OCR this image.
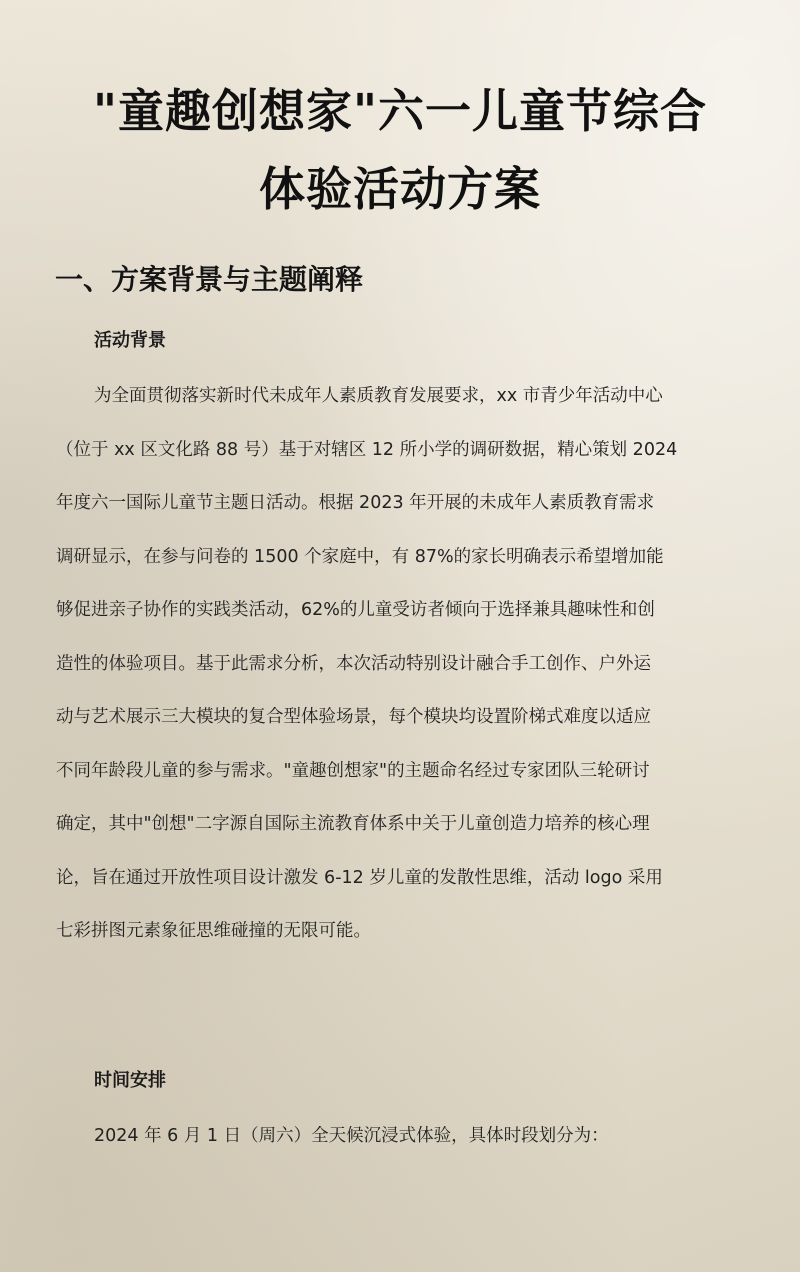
"童趣创想家"六一儿童节综合
体验活动方案
一、方案背景与主题阐释
活动背景
为全面贯彻落实新时代未成年人素质教育发展要求，xx 市青少年活动中心
（位于 xx 区文化路 88 号）基于对辖区 12 所小学的调研数据，精心策划 2024
年度六一国际儿童节主题日活动。根据 2023 年开展的未成年人素质教育需求
调研显示，在参与问卷的 1500 个家庭中，有 87%的家长明确表示希望增加能
够促进亲子协作的实践类活动，62%的儿童受访者倾向于选择兼具趣味性和创
造性的体验项目。基于此需求分析，本次活动特别设计融合手工创作、户外运
动与艺术展示三大模块的复合型体验场景，每个模块均设置阶梯式难度以适应
不同年龄段儿童的参与需求。"童趣创想家"的主题命名经过专家团队三轮研讨
确定，其中"创想"二字源自国际主流教育体系中关于儿童创造力培养的核心理
论，旨在通过开放性项目设计激发 6-12 岁儿童的发散性思维，活动 logo 采用
七彩拼图元素象征思维碰撞的无限可能。
时间安排
2024 年 6 月 1 日（周六）全天候沉浸式体验，具体时段划分为：
